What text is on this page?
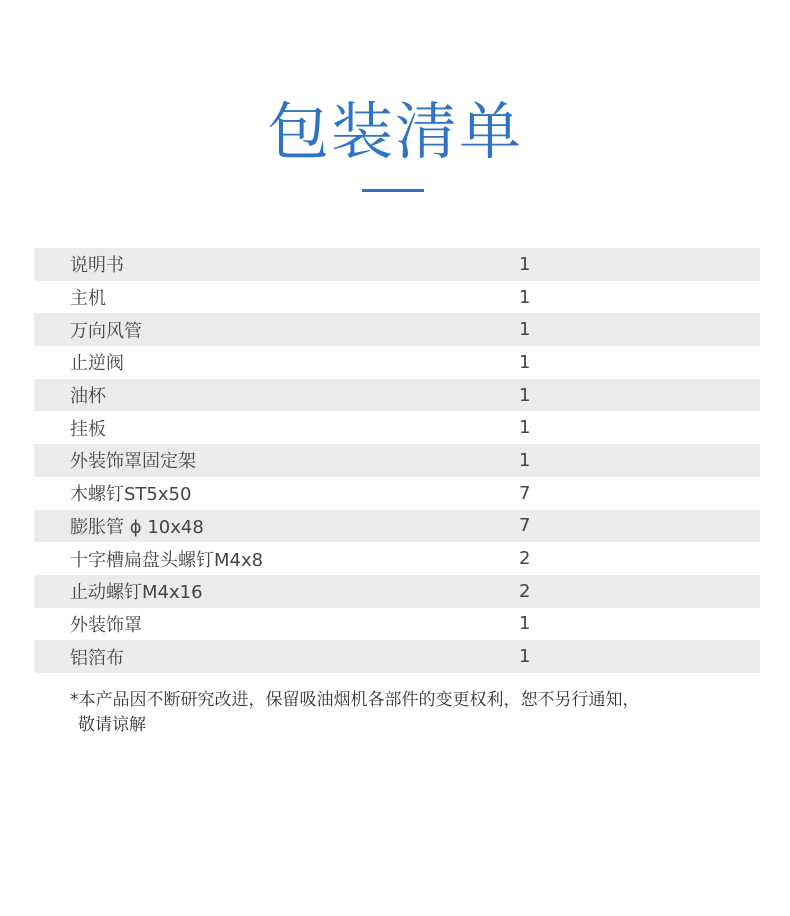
包装清单
说明书	1
主机	1
万向风管	1
止逆阀	1
油杯	1
挂板	1
外装饰罩固定架	1
木螺钉ST5x50	7
膨胀管 ϕ 10x48	7
十字槽扁盘头螺钉M4x8	2
止动螺钉M4x16	2
外装饰罩	1
铝箔布	1
*本产品因不断研究改进，保留吸油烟机各部件的变更权利，恕不另行通知，
敬请谅解
